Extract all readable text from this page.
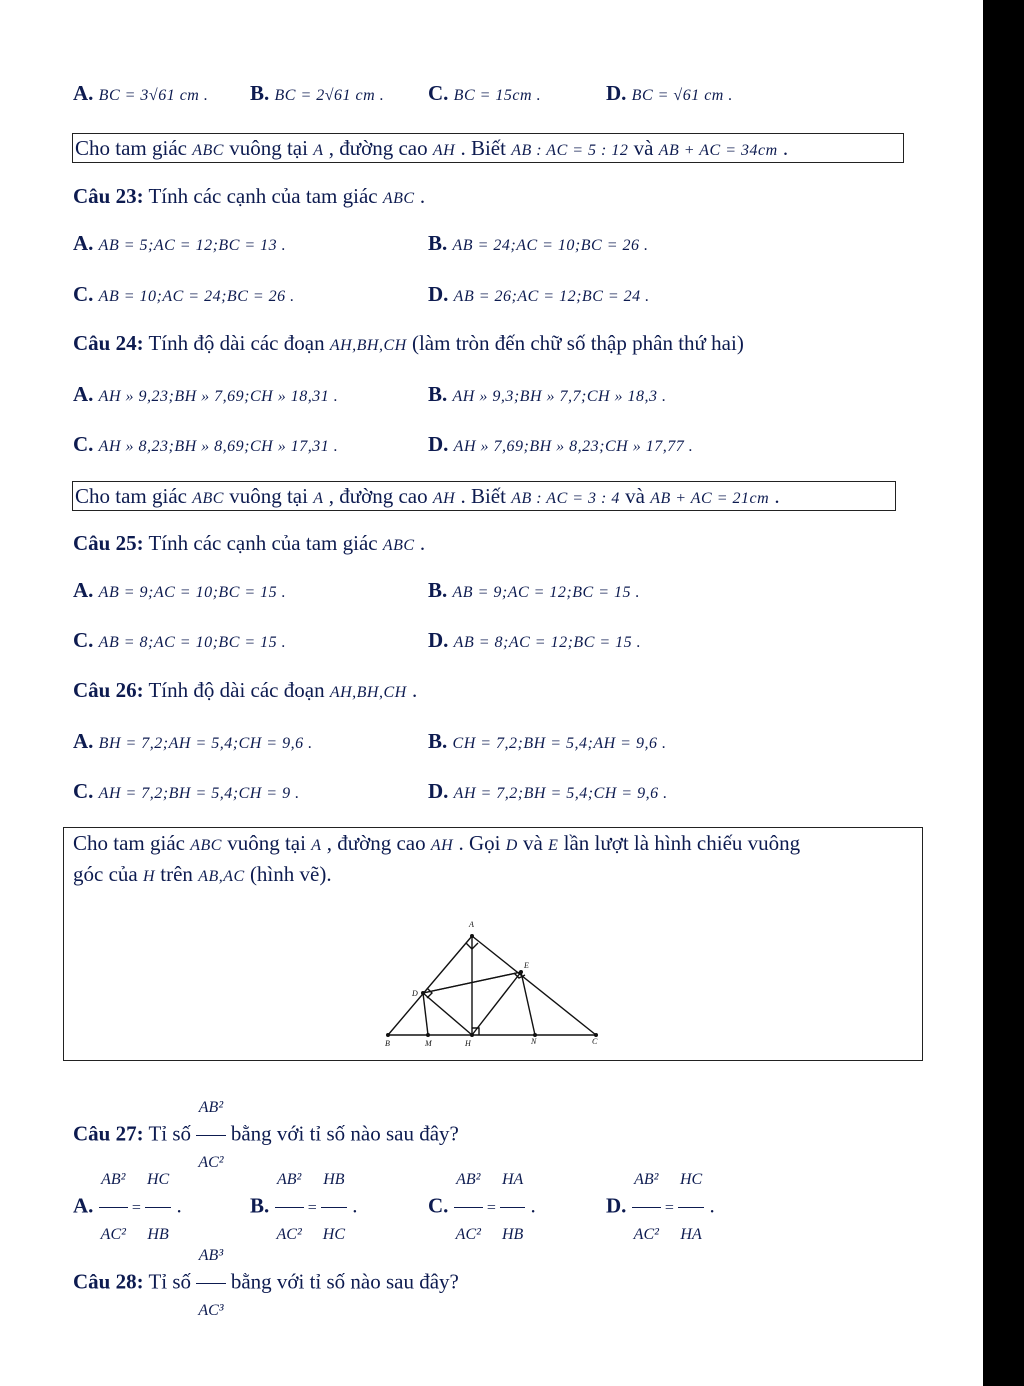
A. BC = 3√61 cm . B. BC = 2√61 cm . C. BC = 15cm .	D. BC = √61 cm .
Cho tam giác ABC vuông tại A , đường cao AH . Biết AB : AC = 5 : 12 và AB + AC = 34cm .
Câu 23: Tính các cạnh của tam giác ABC .
A. AB = 5;AC = 12;BC = 13 .	B. AB = 24;AC = 10;BC = 26 .
C. AB = 10;AC = 24;BC = 26 .	D. AB = 26;AC = 12;BC = 24 .
Câu 24: Tính độ dài các đoạn AH,BH,CH (làm tròn đến chữ số thập phân thứ hai)
A. AH » 9,23;BH » 7,69;CH » 18,31 .	B. AH » 9,3;BH » 7,7;CH » 18,3 .
C. AH » 8,23;BH » 8,69;CH » 17,31 .	D. AH » 7,69;BH » 8,23;CH » 17,77 .
Cho tam giác ABC vuông tại A , đường cao AH . Biết AB : AC = 3 : 4 và AB + AC = 21cm .
Câu 25: Tính các cạnh của tam giác ABC .
A. AB = 9;AC = 10;BC = 15 .	B. AB = 9;AC = 12;BC = 15 .
C. AB = 8;AC = 10;BC = 15 .	D. AB = 8;AC = 12;BC = 15 .
Câu 26: Tính độ dài các đoạn AH,BH,CH .
A. BH = 7,2;AH = 5,4;CH = 9,6 .	B. CH = 7,2;BH = 5,4;AH = 9,6 .
C. AH = 7,2;BH = 5,4;CH = 9 .	D. AH = 7,2;BH = 5,4;CH = 9,6 .
Cho tam giác ABC vuông tại A , đường cao AH . Gọi D và E lần lượt là hình chiếu vuông
góc của H trên AB,AC (hình vẽ).
A
B	M	H	N	C
D
E
Câu 27: Tỉ số $\frac{\text{AB²}}{\text{AC²}}$ bằng với tỉ số nào sau đây?
A. $\frac{\text{AB²}}{\text{AC²}} = \frac{HC}{HB}$ .	B. $\frac{\text{AB²}}{\text{AC²}} = \frac{HB}{HC}$ .	C. $\frac{\text{AB²}}{\text{AC²}} = \frac{HA}{HB}$ .	D. $\frac{\text{AB²}}{\text{AC²}} = \frac{HC}{HA}$ .
Câu 28: Tỉ số $\frac{\text{AB³}}{\text{AC³}}$ bằng với tỉ số nào sau đây?
